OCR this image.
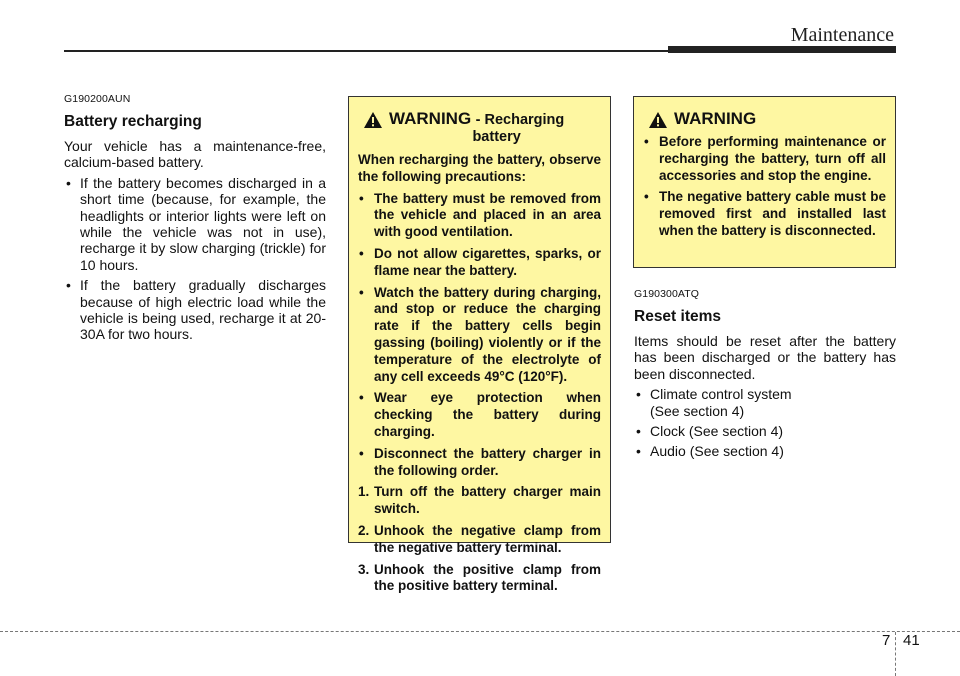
Maintenance
G190200AUN
Battery recharging
Your vehicle has a maintenance-free, calcium-based battery.
• If the battery becomes discharged in a short time (because, for example, the headlights or interior lights were left on while the vehicle was not in use), recharge it by slow charging (trickle) for 10 hours.
• If the battery gradually discharges because of high electric load while the vehicle is being used, recharge it at 20-30A for two hours.
WARNING - Recharging
battery
When recharging the battery, observe the following precautions:
• The battery must be removed from the vehicle and placed in an area with good ventilation.
• Do not allow cigarettes, sparks, or flame near the battery.
• Watch the battery during charging, and stop or reduce the charging rate if the battery cells begin gassing (boiling) violently or if the temperature of the electrolyte of any cell exceeds 49°C (120°F).
• Wear eye protection when checking the battery during charging.
• Disconnect the battery charger in the following order.
1. Turn off the battery charger main switch.
2. Unhook the negative clamp from the negative battery terminal.
3. Unhook the positive clamp from the positive battery terminal.
WARNING
• Before performing maintenance or recharging the battery, turn off all accessories and stop the engine.
• The negative battery cable must be removed first and installed last when the battery is disconnected.
G190300ATQ
Reset items
Items should be reset after the battery has been discharged or the battery has been disconnected.
• Climate control system (See section 4)
• Clock (See section 4)
• Audio (See section 4)
7 41
